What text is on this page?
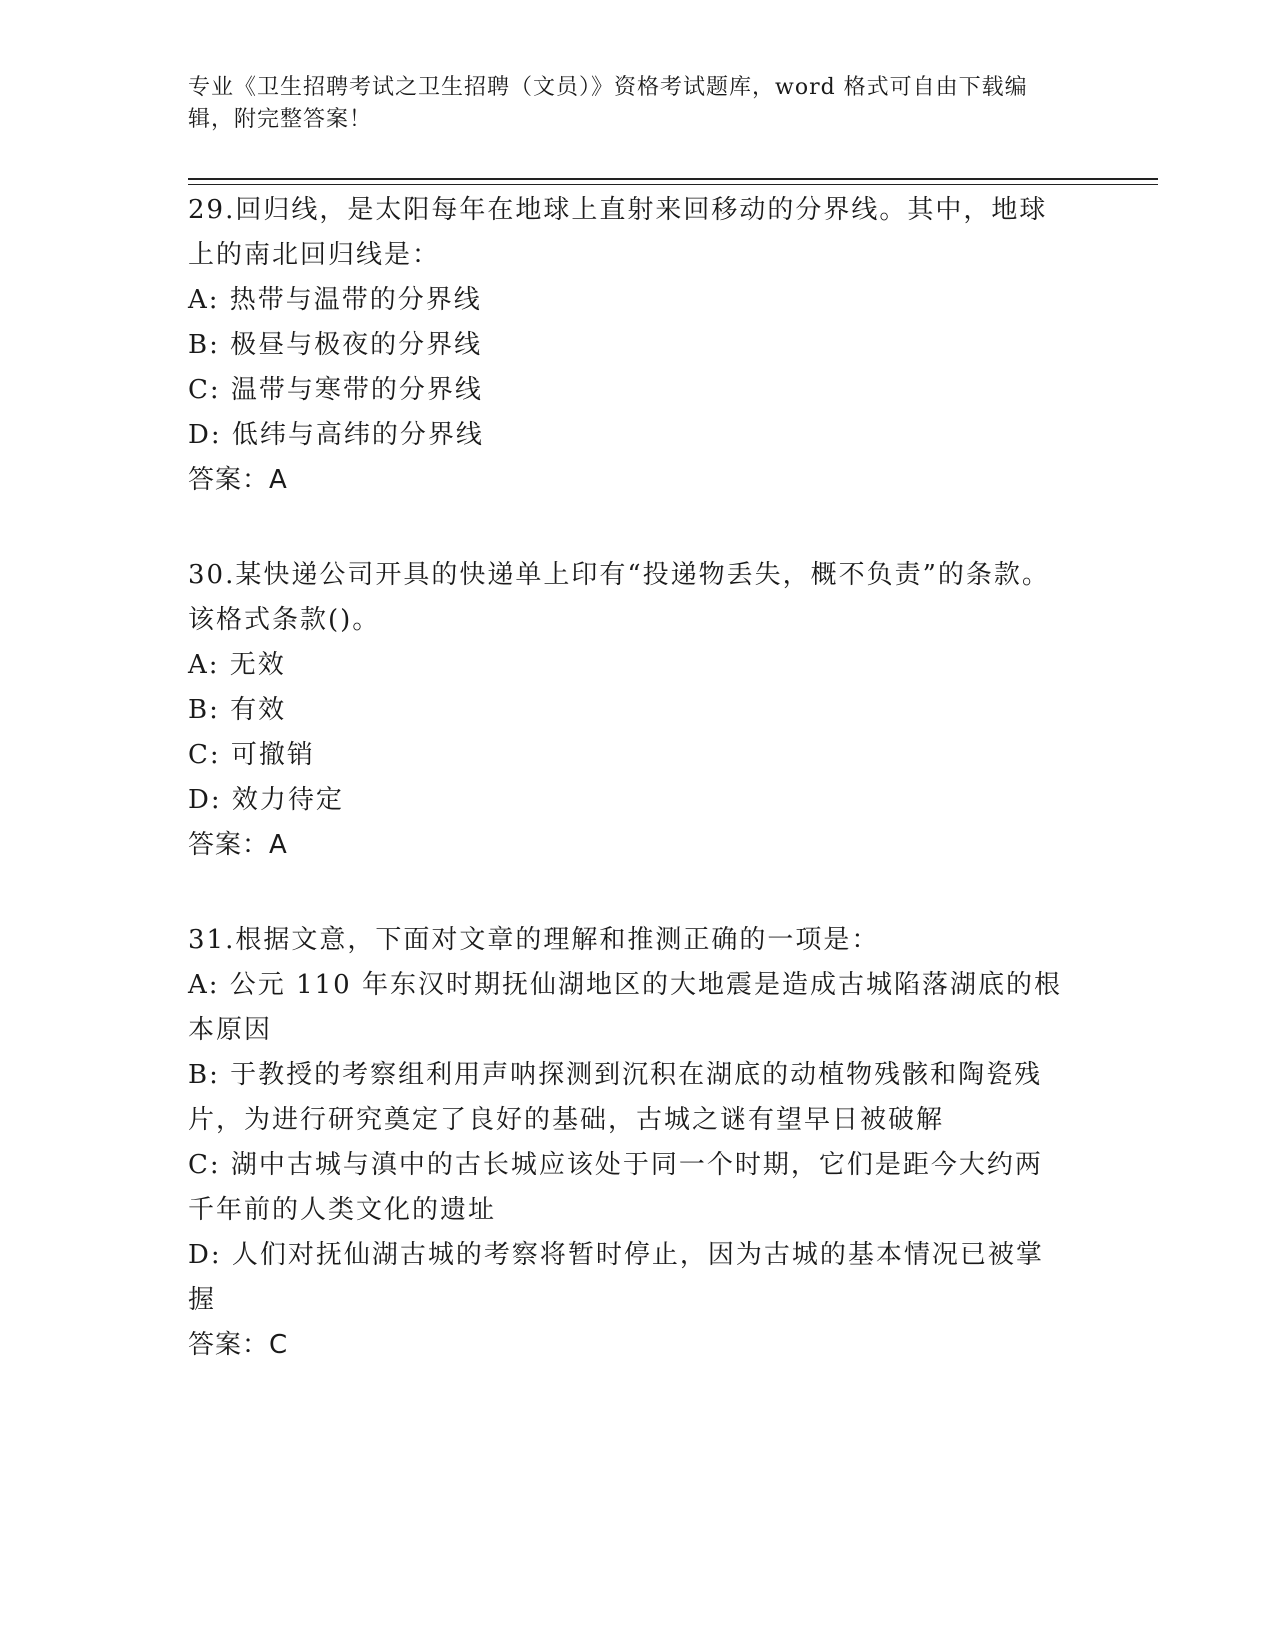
专业《卫生招聘考试之卫生招聘（文员）》资格考试题库，word 格式可自由下载编辑，附完整答案！
29.回归线，是太阳每年在地球上直射来回移动的分界线。其中，地球上的南北回归线是：
A: 热带与温带的分界线
B: 极昼与极夜的分界线
C: 温带与寒带的分界线
D: 低纬与高纬的分界线
答案：A
30.某快递公司开具的快递单上印有“投递物丢失，概不负责”的条款。该格式条款()。
A: 无效
B: 有效
C: 可撤销
D: 效力待定
答案：A
31.根据文意，下面对文章的理解和推测正确的一项是：
A: 公元 110 年东汉时期抚仙湖地区的大地震是造成古城陷落湖底的根本原因
B: 于教授的考察组利用声呐探测到沉积在湖底的动植物残骸和陶瓷残片，为进行研究奠定了良好的基础，古城之谜有望早日被破解
C: 湖中古城与滇中的古长城应该处于同一个时期，它们是距今大约两千年前的人类文化的遗址
D: 人们对抚仙湖古城的考察将暂时停止，因为古城的基本情况已被掌握
答案：C
